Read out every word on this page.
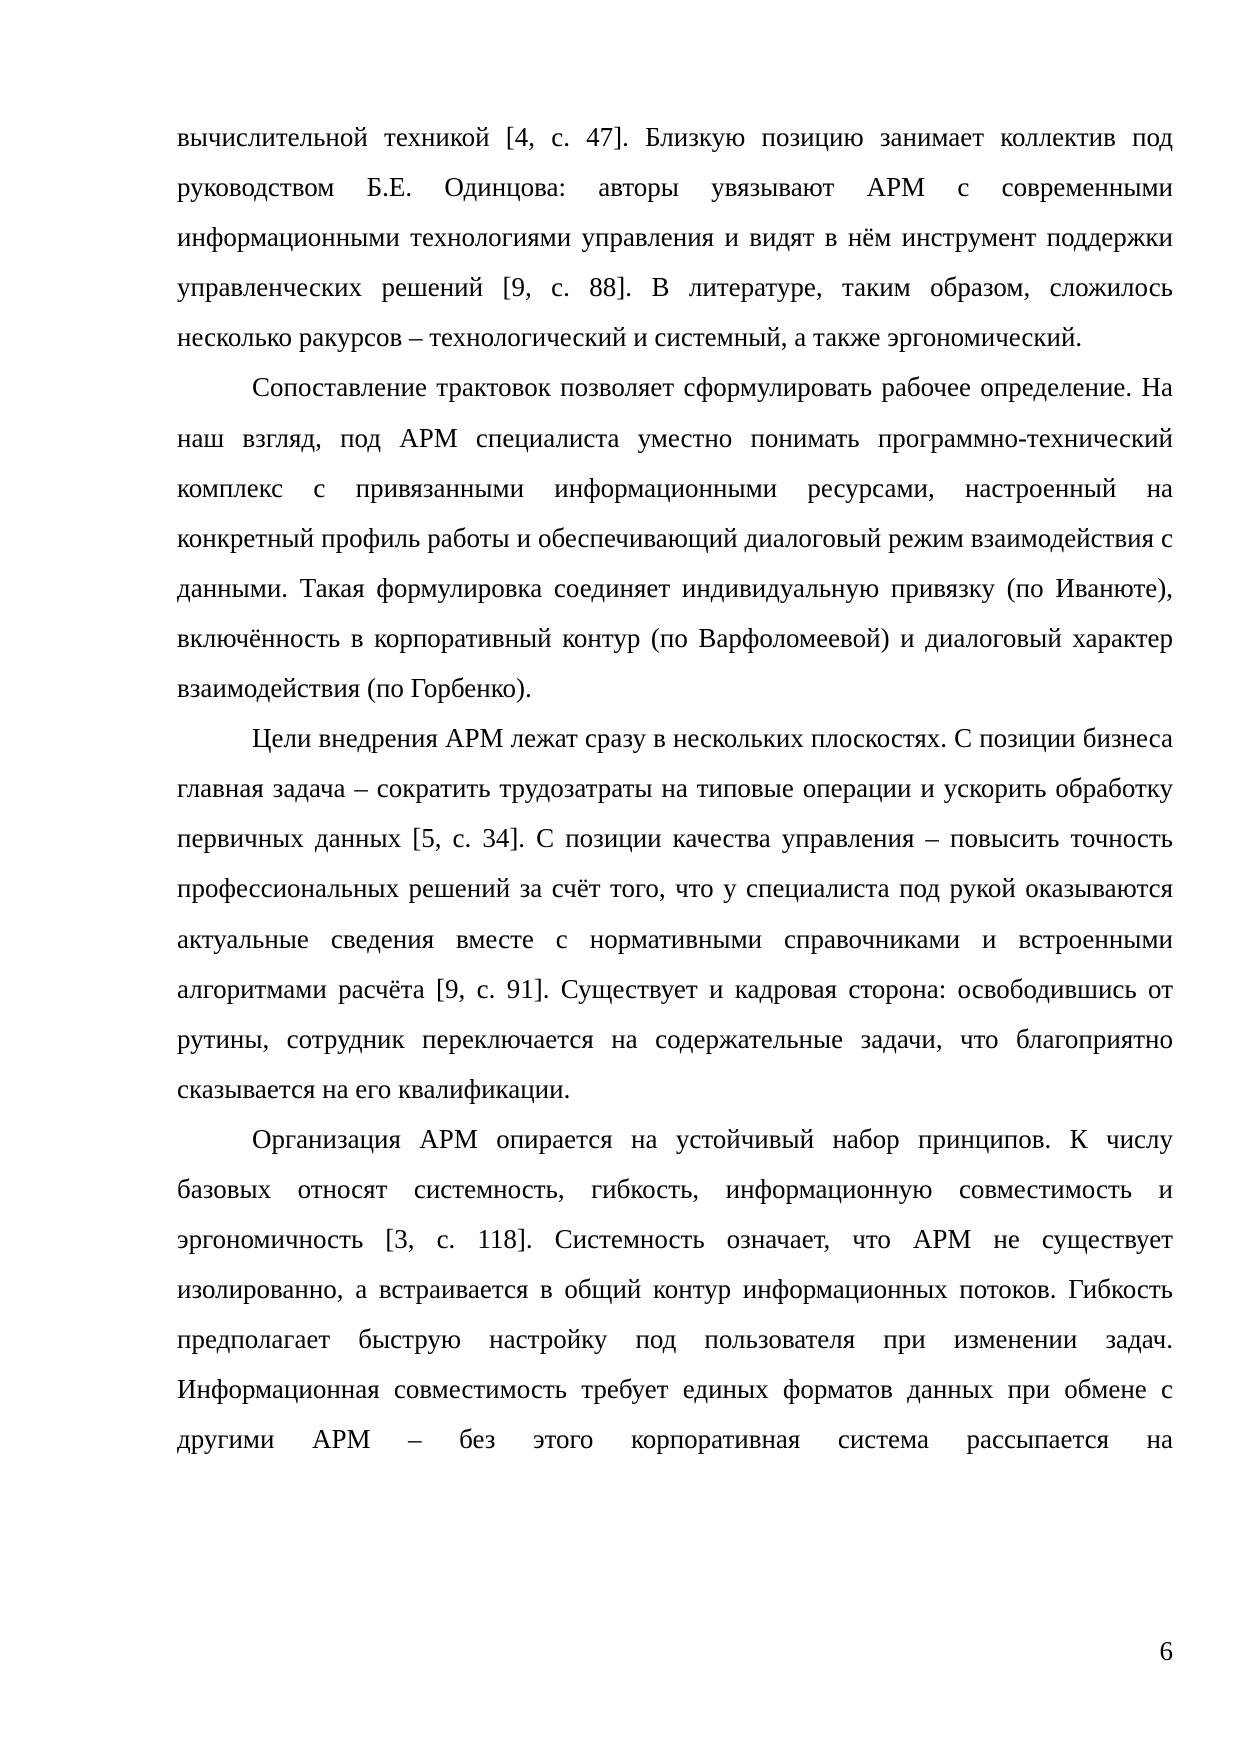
вычислительной техникой [4, с. 47]. Близкую позицию занимает коллектив под руководством Б.Е. Одинцова: авторы увязывают АРМ с современными информационными технологиями управления и видят в нём инструмент поддержки управленческих решений [9, с. 88]. В литературе, таким образом, сложилось несколько ракурсов – технологический и системный, а также эргономический.

Сопоставление трактовок позволяет сформулировать рабочее определение. На наш взгляд, под АРМ специалиста уместно понимать программно-технический комплекс с привязанными информационными ресурсами, настроенный на конкретный профиль работы и обеспечивающий диалоговый режим взаимодействия с данными. Такая формулировка соединяет индивидуальную привязку (по Иванюте), включённость в корпоративный контур (по Варфоломеевой) и диалоговый характер взаимодействия (по Горбенко).

Цели внедрения АРМ лежат сразу в нескольких плоскостях. С позиции бизнеса главная задача – сократить трудозатраты на типовые операции и ускорить обработку первичных данных [5, с. 34]. С позиции качества управления – повысить точность профессиональных решений за счёт того, что у специалиста под рукой оказываются актуальные сведения вместе с нормативными справочниками и встроенными алгоритмами расчёта [9, с. 91]. Существует и кадровая сторона: освободившись от рутины, сотрудник переключается на содержательные задачи, что благоприятно сказывается на его квалификации.

Организация АРМ опирается на устойчивый набор принципов. К числу базовых относят системность, гибкость, информационную совместимость и эргономичность [3, с. 118]. Системность означает, что АРМ не существует изолированно, а встраивается в общий контур информационных потоков. Гибкость предполагает быструю настройку под пользователя при изменении задач. Информационная совместимость требует единых форматов данных при обмене с другими АРМ – без этого корпоративная система рассыпается на

6
